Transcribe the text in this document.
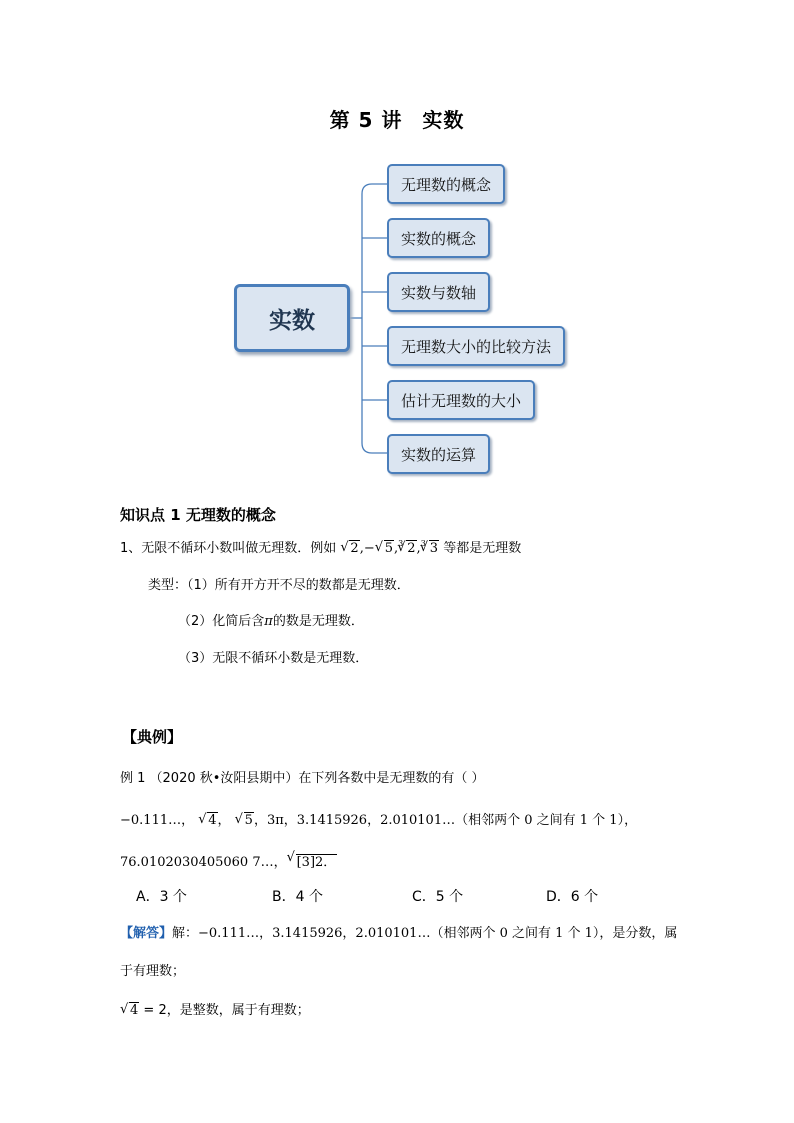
第 5 讲 实数
实数
无理数的概念
实数的概念
实数与数轴
无理数大小的比较方法
估计无理数的大小
实数的运算
知识点 1 无理数的概念
1、无限不循环小数叫做无理数．例如 √ 2,− √ 5,$^3$ √ 2,$^3$ √ 3 等都是无理数
类型：（1）所有开方开不尽的数都是无理数．
（2）化简后含π的数是无理数．
（3）无限不循环小数是无理数．
【典例】
例 1 （2020 秋•汝阳县期中）在下列各数中是无理数的有（ ）
−0.111…， √ 4， √ 5，3π，3.1415926，2.010101…（相邻两个 0 之间有 1 个 1），
76.0102030405060 7…， √ [3]2．
A．3 个	B．4 个	C．5 个	D．6 个
【解答】解：−0.111…，3.1415926，2.010101…（相邻两个 0 之间有 1 个 1），是分数，属
于有理数；
√ 4 = 2，是整数，属于有理数；
